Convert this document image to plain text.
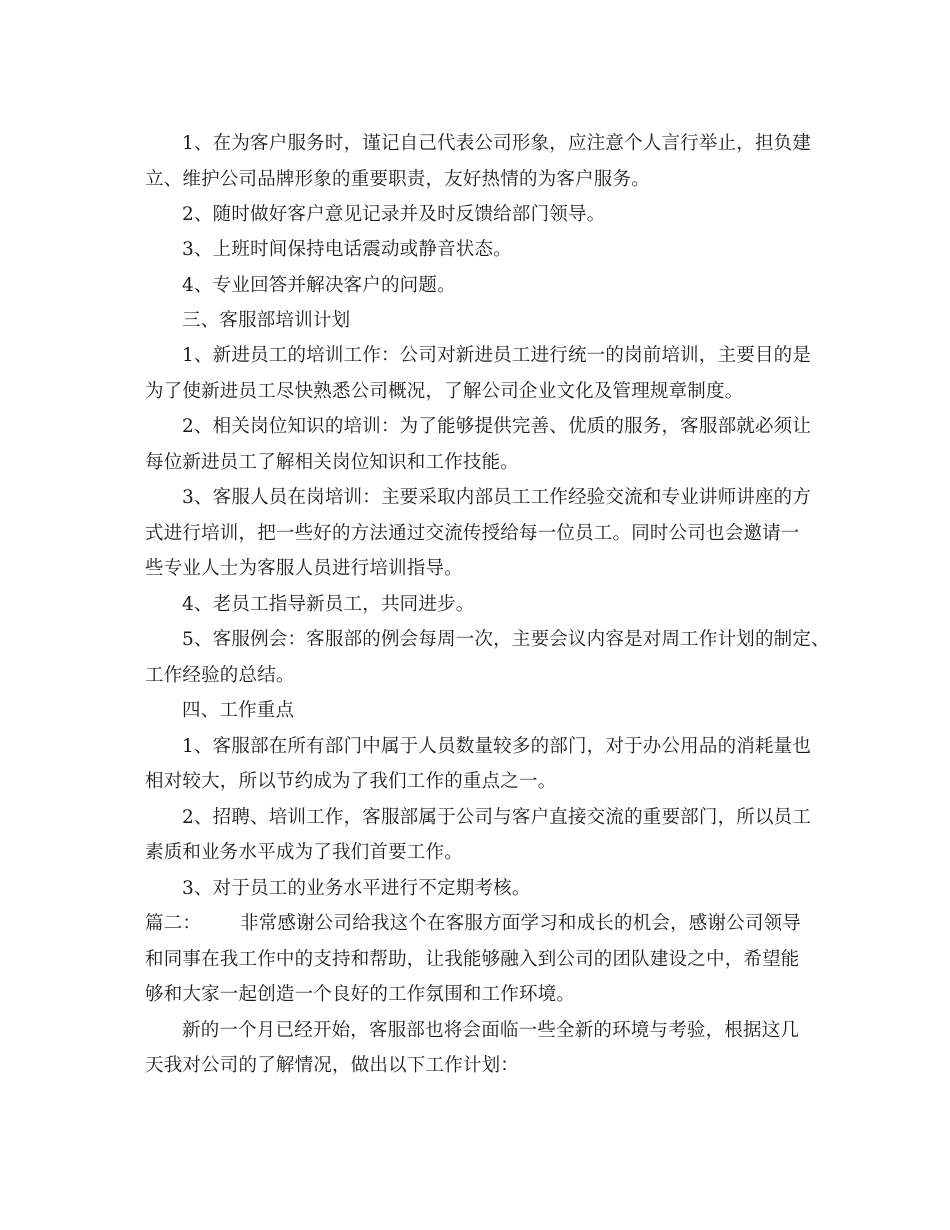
1、在为客户服务时，谨记自己代表公司形象，应注意个人言行举止，担负建
立、维护公司品牌形象的重要职责，友好热情的为客户服务。
2、随时做好客户意见记录并及时反馈给部门领导。
3、上班时间保持电话震动或静音状态。
4、专业回答并解决客户的问题。
三、客服部培训计划
1、新进员工的培训工作：公司对新进员工进行统一的岗前培训，主要目的是
为了使新进员工尽快熟悉公司概况，了解公司企业文化及管理规章制度。
2、相关岗位知识的培训：为了能够提供完善、优质的服务，客服部就必须让
每位新进员工了解相关岗位知识和工作技能。
3、客服人员在岗培训：主要采取内部员工工作经验交流和专业讲师讲座的方
式进行培训，把一些好的方法通过交流传授给每一位员工。同时公司也会邀请一
些专业人士为客服人员进行培训指导。
4、老员工指导新员工，共同进步。
5、客服例会：客服部的例会每周一次，主要会议内容是对周工作计划的制定、
工作经验的总结。
四、工作重点
1、客服部在所有部门中属于人员数量较多的部门，对于办公用品的消耗量也
相对较大，所以节约成为了我们工作的重点之一。
2、招聘、培训工作，客服部属于公司与客户直接交流的重要部门，所以员工
素质和业务水平成为了我们首要工作。
3、对于员工的业务水平进行不定期考核。
篇二： 非常感谢公司给我这个在客服方面学习和成长的机会，感谢公司领导
和同事在我工作中的支持和帮助，让我能够融入到公司的团队建设之中，希望能
够和大家一起创造一个良好的工作氛围和工作环境。
新的一个月已经开始，客服部也将会面临一些全新的环境与考验，根据这几
天我对公司的了解情况，做出以下工作计划：
